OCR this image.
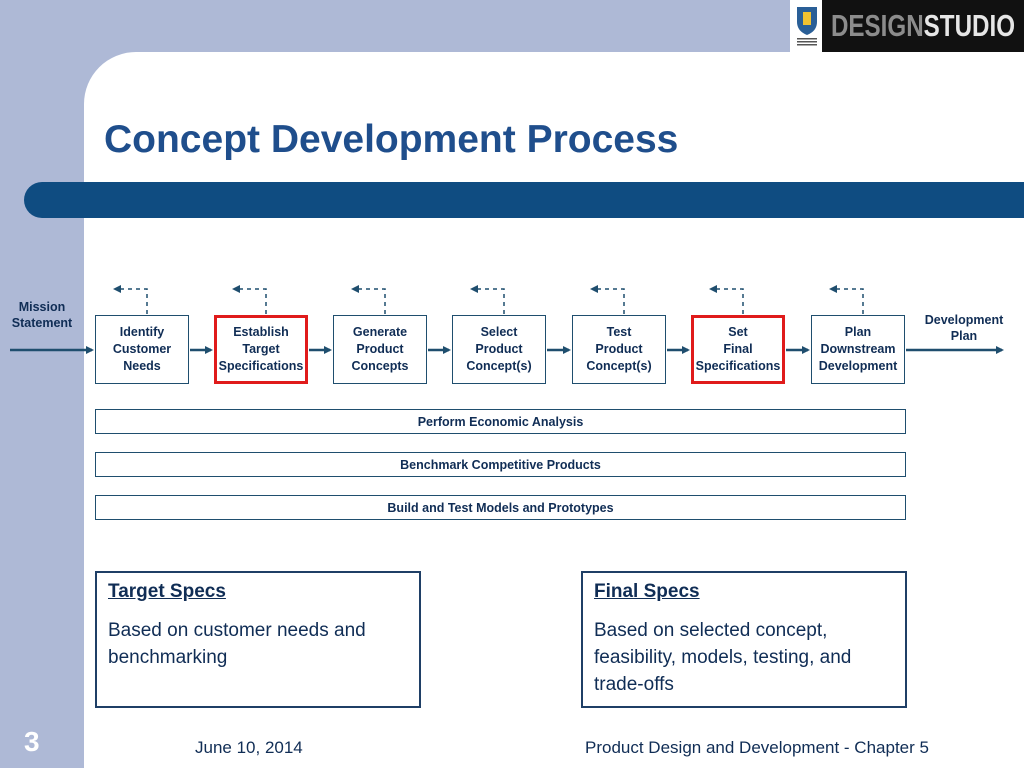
DESIGNSTUDIO
Concept Development Process
Identify
Customer
Needs
Establish
Target
Specifications
Generate
Product
Concepts
Select
Product
Concept(s)
Test
Product
Concept(s)
Set
Final
Specifications
Plan
Downstream
Development
Mission
Statement	Development
Plan
Perform Economic Analysis
Benchmark Competitive Products
Build and Test Models and Prototypes
Target Specs
Based on customer needs and benchmarking
Final Specs
Based on selected concept, feasibility, models, testing, and trade-offs
3	June 10, 2014	Product Design and Development - Chapter 5
